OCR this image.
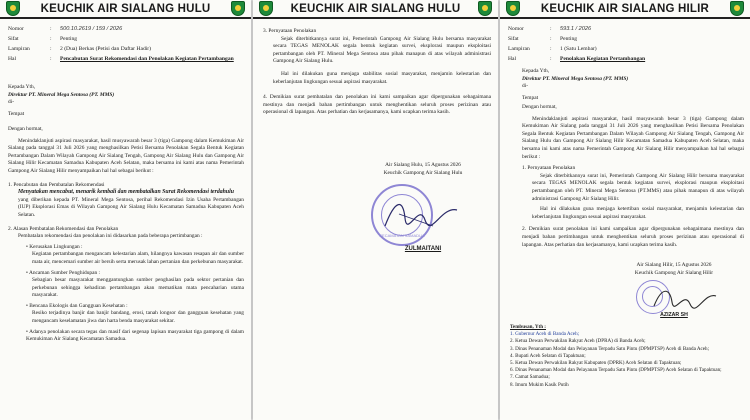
KEUCHIK AIR SIALANG HULU
Nomor	:	500.10.2619 / 159 / 2026
Sifat	:	Penting
Lampiran	:	2 (Dua) Berkas (Petisi dan Daftar Hadir)
Hal	:	Pencabutan Surat Rekomendasi dan Penolakan Kegiatan Pertambangan
Kepada Yth,
Direktur PT. Mineral Mega Sentosa (PT. MMS)
di-
Tempat
Dengan hormat,
Menindaklanjuti aspirasi masyarakat, hasil musyawarah besar 3 (tiga) Gampong dalam Kemukiman Air Sialang pada tanggal 31 Juli 2026 yang menghasilkan Petisi Bersama Penolakan Segala Bentuk Kegiatan Pertambangan Dalam Wilayah Gampong Air Sialang Tengah, Gampong Air Sialang Hulu dan Gampong Air Sialang Hilir Kecamatan Samadua Kabupaten Aceh Selatan, maka bersama ini kami atas nama Pemerintah Gampong Air Sialang Hilir menyampaikan hal hal sebagai berikut :
1. Pencabutan dan Pembatalan Rekomendasi
Menyatakan mencabut, menarik kembali dan membatalkan Surat Rekomendasi terdahulu
yang diberikan kepada PT. Mineral Mega Sentosa, perihal Rekomendasi Izin Usaha Pertambangan (IUP) Eksplorasi Emas di Wilayah Gampong Air Sialang Hulu Kecamatan Samadua Kabupaten Aceh Selatan.
2. Alasan Pembatalan Rekomendasi dan Penolakan
Pembatalan rekomendasi dan penolakan ini didasarkan pada beberapa pertimbangan :
• Kerusakan Lingkungan :
Kegiatan pertambangan mengancam kelestarian alam, hilangnya kawasan resapan air dan sumber mata air, mencemari sumber air bersih serta merusak lahan pertanian dan perkebunan masyarakat.
• Ancaman Sumber Penghidupan :
Sebagian besar masyarakat menggantungkan sumber penghasilan pada sektor pertanian dan perkebunan sehingga kehadiran pertambangan akan mematikan mata pencaharian utama masyarakat.
• Bencana Ekologis dan Gangguan Kesehatan :
Resiko terjadinya banjir dan banjir bandang, erosi, tanah longsor dan gangguan kesehatan yang mengancam keselamatan jiwa dan harta benda masyarakat sekitar.
• Adanya penolakan secara tegas dan masif dari segenap lapisan masyarakat tiga gampong di dalam Kemukiman Air Sialang Kecamatan Samadua.
KEUCHIK AIR SIALANG HULU
3. Pernyataan Penolakan
Sejak diterbitkannya surat ini, Pemerintah Gampong Air Sialang Hulu bersama masyarakat secara TEGAS MENOLAK segala bentuk kegiatan survei, eksplorasi maupun eksploitasi pertambangan oleh PT. Mineral Mega Sentosa atau pihak manapun di atas wilayah administrasi Gampong Air Sialang Hulu.
Hal ini dilakukan guna menjaga stabilitas sosial masyarakat, menjamin kelestarian dan keberlanjutan lingkungan sesuai aspirasi masyarakat.
4. Demikian surat pembatalan dan penolakan ini kami sampaikan agar dipergunakan sebagaimana mestinya dan menjadi bahan pertimbangan untuk menghentikan seluruh proses perizinan atau operasional di lapangan. Atas perhatian dan kerjasamanya, kami ucapkan terima kasih.
Air Sialang Hulu, 15 Agustus 2026
Keuchik Gampong Air Sialang Hulu
KECAMATAN SAMADUA
ZULMAITANI
KEUCHIK AIR SIALANG HILIR
Nomor	:	593.1 / 2026
Sifat	:	Penting
Lampiran	:	1 (Satu Lembar)
Hal	:	Penolakan Kegiatan Pertambangan
Kepada Yth,
Direktur PT. Mineral Mega Sentosa (PT. MMS)
di-
Tempat
Dengan hormat,
Menindaklanjuti aspirasi masyarakat, hasil musyawarah besar 3 (tiga) Gampong dalam Kemukiman Air Sialang pada tanggal 31 Juli 2026 yang menghasilkan Petisi Bersama Penolakan Segala Bentuk Kegiatan Pertambangan Dalam Wilayah Gampong Air Sialang Tengah, Gampong Air Sialang Hulu dan Gampong Air Sialang Hilir Kecamatan Samadua Kabupaten Aceh Selatan, maka bersama ini kami atas nama Pemerintah Gampong Air Sialang Hilir menyampaikan hal hal sebagai berikut :
1. Pernyataan Penolakan
Sejak diterbitkannya surat ini, Pemerintah Gampong Air Sialang Hilir bersama masyarakat secara TEGAS MENOLAK segala bentuk kegiatan survei, eksplorasi maupun eksploitasi pertambangan oleh PT. Mineral Mega Sentosa (PT.MMS) atau pihak manapun di atas wilayah administrasi Gampong Air Sialang Hilir.
Hal ini dilakukan guna menjaga ketertiban sosial masyarakat, menjamin kelestarian dan keberlanjutan lingkungan sesuai aspirasi masyarakat.
2. Demikian surat penolakan ini kami sampaikan agar dipergunakan sebagaimana mestinya dan menjadi bahan pertimbangan untuk menghentikan seluruh proses perizinan atau operasional di lapangan. Atas perhatian dan kerjasamanya, kami ucapkan terima kasih.
Air Sialang Hilir, 15 Agustus 2026
Keuchik Gampong Air Sialang Hilir
AZIZAR SH
Tembusan, Yth :
1. Gubernur Aceh di Banda Aceh;
2. Ketua Dewan Perwakilan Rakyat Aceh (DPRA) di Banda Aceh;
3. Dinas Penanaman Modal dan Pelayanan Terpadu Satu Pintu (DPMPTSP) Aceh di Banda Aceh;
4. Bupati Aceh Selatan di Tapaktuan;
5. Ketua Dewan Perwakilan Rakyat Kabupaten (DPRK) Aceh Selatan di Tapaktuan;
6. Dinas Penanaman Modal dan Pelayanan Terpadu Satu Pintu (DPMPTSP) Aceh Selatan di Tapaktuan;
7. Camat Samadua;
8. Imum Mukim Kasik Putih
